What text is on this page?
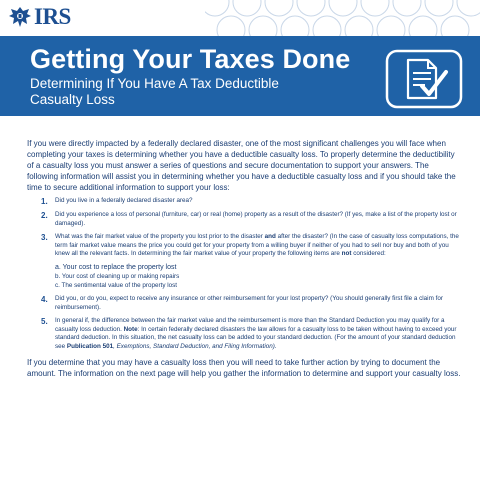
IRS
Getting Your Taxes Done

Determining If You Have A Tax Deductible Casualty Loss

If you were directly impacted by a federally declared disaster, one of the most significant challenges you will face when completing your taxes is determining whether you have a deductible casualty loss. To properly determine the deductibility of a casualty loss you must answer a series of questions and secure documentation to support your answers. The following information will assist you in determining whether you have a deductible casualty loss and if you should take the time to secure additional information to support your loss:

1.	Did you live in a federally declared disaster area?
2.	Did you experience a loss of personal (furniture, car) or real (home) property as a result of the disaster? (If yes, make a list of the property lost or damaged).
3.	What was the fair market value of the property you lost prior to the disaster and after the disaster? (In the case of casualty loss computations, the term fair market value means the price you could get for your property from a willing buyer if neither of you had to sell nor buy and both of you knew all the relevant facts. In determining the fair market value of your property the following items are not considered:
a. Your cost to replace the property lost
b. Your cost of cleaning up or making repairs
c. The sentimental value of the property lost
4.	Did you, or do you, expect to receive any insurance or other reimbursement for your lost property? (You should generally first file a claim for reimbursement).
5.	In general if, the difference between the fair market value and the reimbursement is more than the Standard Deduction you may qualify for a casualty loss deduction. Note: In certain federally declared disasters the law allows for a casualty loss to be taken without having to exceed your standard deduction. In this situation, the net casualty loss can be added to your standard deduction. (For the amount of your standard deduction see Publication 501, Exemptions, Standard Deduction, and Filing Information).

If you determine that you may have a casualty loss then you will need to take further action by trying to document the amount. The information on the next page will help you gather the information to determine and support your casualty loss.
